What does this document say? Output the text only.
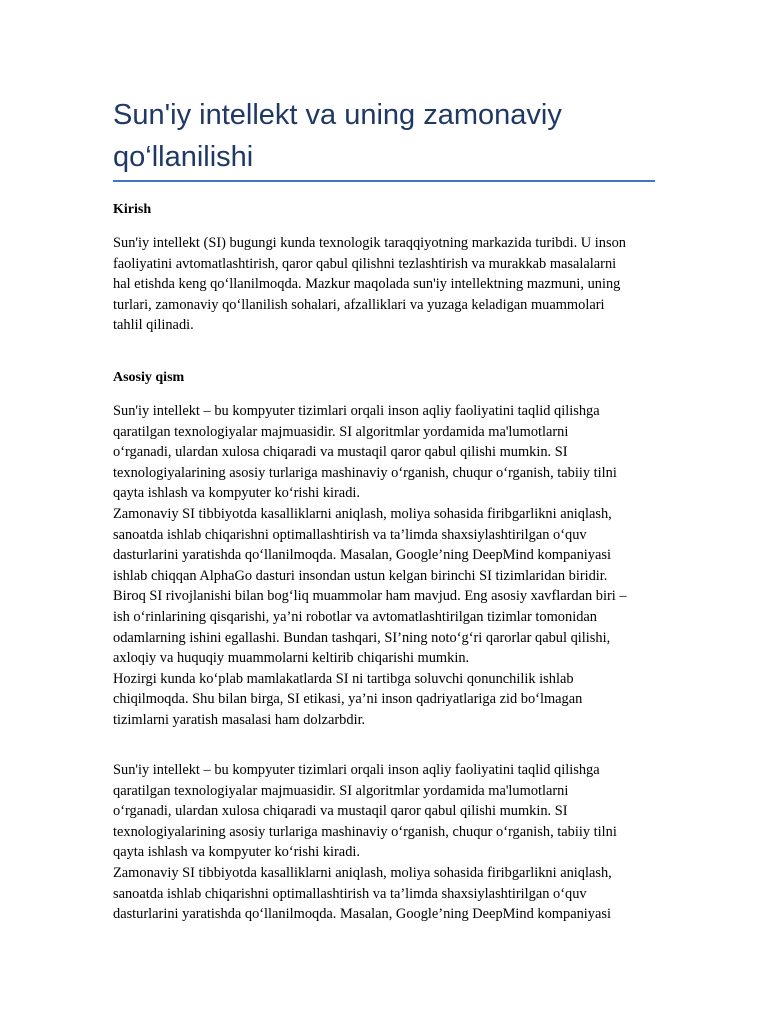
Sun'iy intellekt va uning zamonaviy
qo‘llanilishi
Kirish
Sun'iy intellekt (SI) bugungi kunda texnologik taraqqiyotning markazida turibdi. U inson
faoliyatini avtomatlashtirish, qaror qabul qilishni tezlashtirish va murakkab masalalarni
hal etishda keng qo‘llanilmoqda. Mazkur maqolada sun'iy intellektning mazmuni, uning
turlari, zamonaviy qo‘llanilish sohalari, afzalliklari va yuzaga keladigan muammolari
tahlil qilinadi.
Asosiy qism
Sun'iy intellekt – bu kompyuter tizimlari orqali inson aqliy faoliyatini taqlid qilishga
qaratilgan texnologiyalar majmuasidir. SI algoritmlar yordamida ma'lumotlarni
o‘rganadi, ulardan xulosa chiqaradi va mustaqil qaror qabul qilishi mumkin. SI
texnologiyalarining asosiy turlariga mashinaviy o‘rganish, chuqur o‘rganish, tabiiy tilni
qayta ishlash va kompyuter ko‘rishi kiradi.
Zamonaviy SI tibbiyotda kasalliklarni aniqlash, moliya sohasida firibgarlikni aniqlash,
sanoatda ishlab chiqarishni optimallashtirish va ta’limda shaxsiylashtirilgan o‘quv
dasturlarini yaratishda qo‘llanilmoqda. Masalan, Google’ning DeepMind kompaniyasi
ishlab chiqqan AlphaGo dasturi insondan ustun kelgan birinchi SI tizimlaridan biridir.
Biroq SI rivojlanishi bilan bog‘liq muammolar ham mavjud. Eng asosiy xavflardan biri –
ish o‘rinlarining qisqarishi, ya’ni robotlar va avtomatlashtirilgan tizimlar tomonidan
odamlarning ishini egallashi. Bundan tashqari, SI’ning noto‘g‘ri qarorlar qabul qilishi,
axloqiy va huquqiy muammolarni keltirib chiqarishi mumkin.
Hozirgi kunda ko‘plab mamlakatlarda SI ni tartibga soluvchi qonunchilik ishlab
chiqilmoqda. Shu bilan birga, SI etikasi, ya’ni inson qadriyatlariga zid bo‘lmagan
tizimlarni yaratish masalasi ham dolzarbdir.
Sun'iy intellekt – bu kompyuter tizimlari orqali inson aqliy faoliyatini taqlid qilishga
qaratilgan texnologiyalar majmuasidir. SI algoritmlar yordamida ma'lumotlarni
o‘rganadi, ulardan xulosa chiqaradi va mustaqil qaror qabul qilishi mumkin. SI
texnologiyalarining asosiy turlariga mashinaviy o‘rganish, chuqur o‘rganish, tabiiy tilni
qayta ishlash va kompyuter ko‘rishi kiradi.
Zamonaviy SI tibbiyotda kasalliklarni aniqlash, moliya sohasida firibgarlikni aniqlash,
sanoatda ishlab chiqarishni optimallashtirish va ta’limda shaxsiylashtirilgan o‘quv
dasturlarini yaratishda qo‘llanilmoqda. Masalan, Google’ning DeepMind kompaniyasi
